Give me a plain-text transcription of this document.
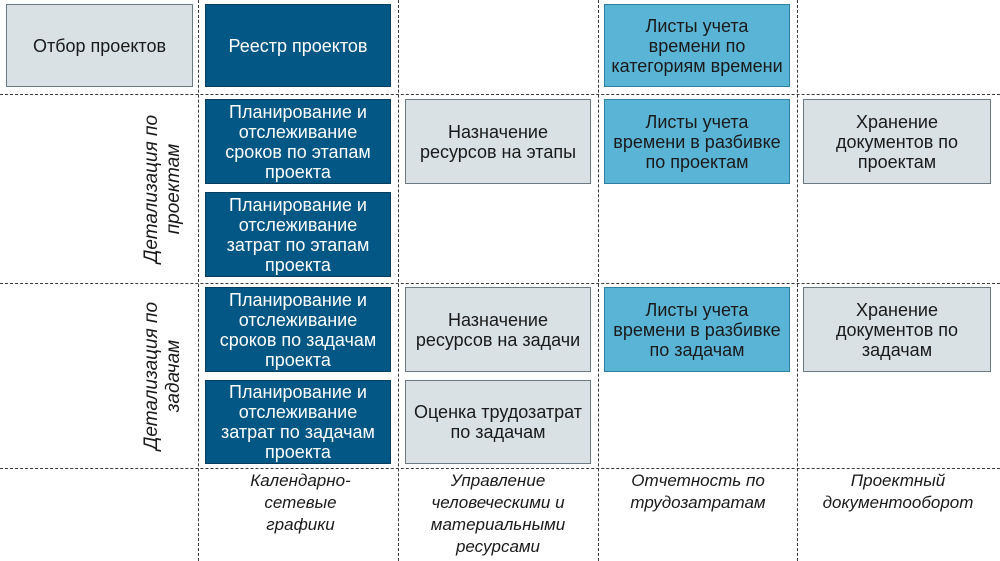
Отбор проектов	Реестр проектов
Листы учета времени по категориям времени
Планирование и отслеживание сроков по этапам проекта
Назначение ресурсов на этапы
Листы учета времени в разбивке по проектам
Хранение документов по проектам
Планирование и отслеживание затрат по этапам проекта
Планирование и отслеживание сроков по задачам проекта
Назначение ресурсов на задачи
Листы учета времени в разбивке по задачам
Хранение документов по задачам
Планирование и отслеживание затрат по задачам проекта
Оценка трудозатрат по задачам
Детализация по проектам
Детализация по задачам
Календарно-сетевые графики
Управление человеческими и материальными ресурсами
Отчетность по трудозатратам
Проектный документооборот
